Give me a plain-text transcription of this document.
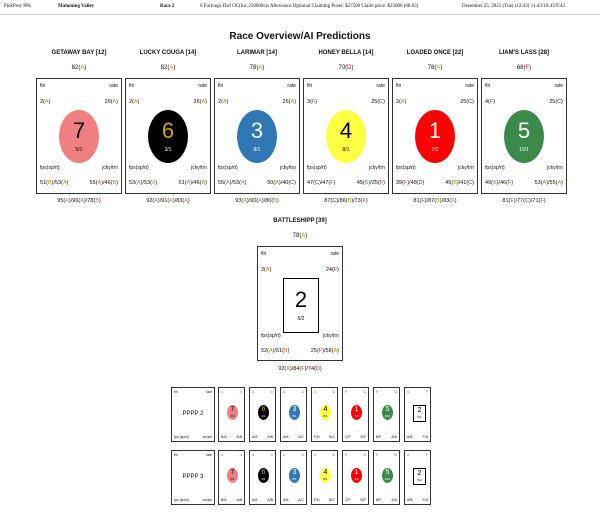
PickPrey PPs	Mahoning Valley	Race 2	6 Furlongs Dirt OC(Inc.250000s)s Allowance Optional Claiming Purse: $27500 Claim price: $25000 (68.63)	December 25, 2025 (Tue) (12:43) 11:43/10:43/9:43
Race Overview/AI Predictions
GETAWAY BAY [12]
82(A)
fin	rate
2(A)	26(A)
fps(sp/rt)	jcky/trn
51(B)/53(A)	55(A)/46(B)
7
5/1
95(A)/96(A)/78(B)
LUCKY COUGA [14]
82(A)
fin	rate
2(A)	26(A)
fps(sp/rt)	jcky/trn
53(A)/53(A)	51(A)/46(B)
6
3/1
92(A)/91(A)/83(A)
LARIMAR [14]
78(A)
fin	rate
2(A)	26(A)
fps(sp/rt)	jcky/trn
55(A)/53(A)	50(A)/40(C)
3
8/1
93(A)/90(A)/80(B)
HONEY BELLA [14]
70(D)
fin	rate
3(F)	25(C)
fps(sp/rt)	jcky/trn
47(C)/47(F)	45(B)/25(F)
4
8/1
87(C)/86(B)/73(F)
LOADED ONCE [22]
78(A)
fin	rate
2(A)	25(C)
fps(sp/rt)	jcky/trn
39(F)/48(D)	45(B)/41(C)
1
7/2
81(F)/87(B)/83(A)
LIAM'S LASS [28]
68(F)
fin	rate
4(F)	25(C)
fps(sp/rt)	jcky/trn
49(B)/46(F)	53(A)/55(A)
5
10/1
81(F)/77(C)/71(F)
BATTLESHIPP [39]
78(A)
fin	rate
2(A)	24(F)
fps(sp/rt)	jcky/trn
52(A)/51(B)	25(F)/58(A)
2
5/2
92(A)/84(F)/74(D)
fin	rate
PPPP 2
fps (sp/rt)	trn/jck
A	A
B/A	A/B
7
5/1
A	A
A/A	A/B
6
3/1
A	A
A/A	A/C
3
8/1
A	C
F/D	B/C
4
8/1
F	C
C/F	B/F
1
7/2
F	C
B/F	A/A
5
10/1
A	F
A/B	F/A
2
5/2
fin	rate
PPPP 3
fps (sp/rt)	trn/jck
A	A
B/A	A/B
7
5/1
A	A
A/A	A/B
6
3/1
A	A
A/A	A/C
3
8/1
A	C
F/D	B/C
4
8/1
F	C
C/F	B/F
1
7/2
F	C
B/F	A/A
5
10/1
A	F
A/B	F/A
2
5/2
